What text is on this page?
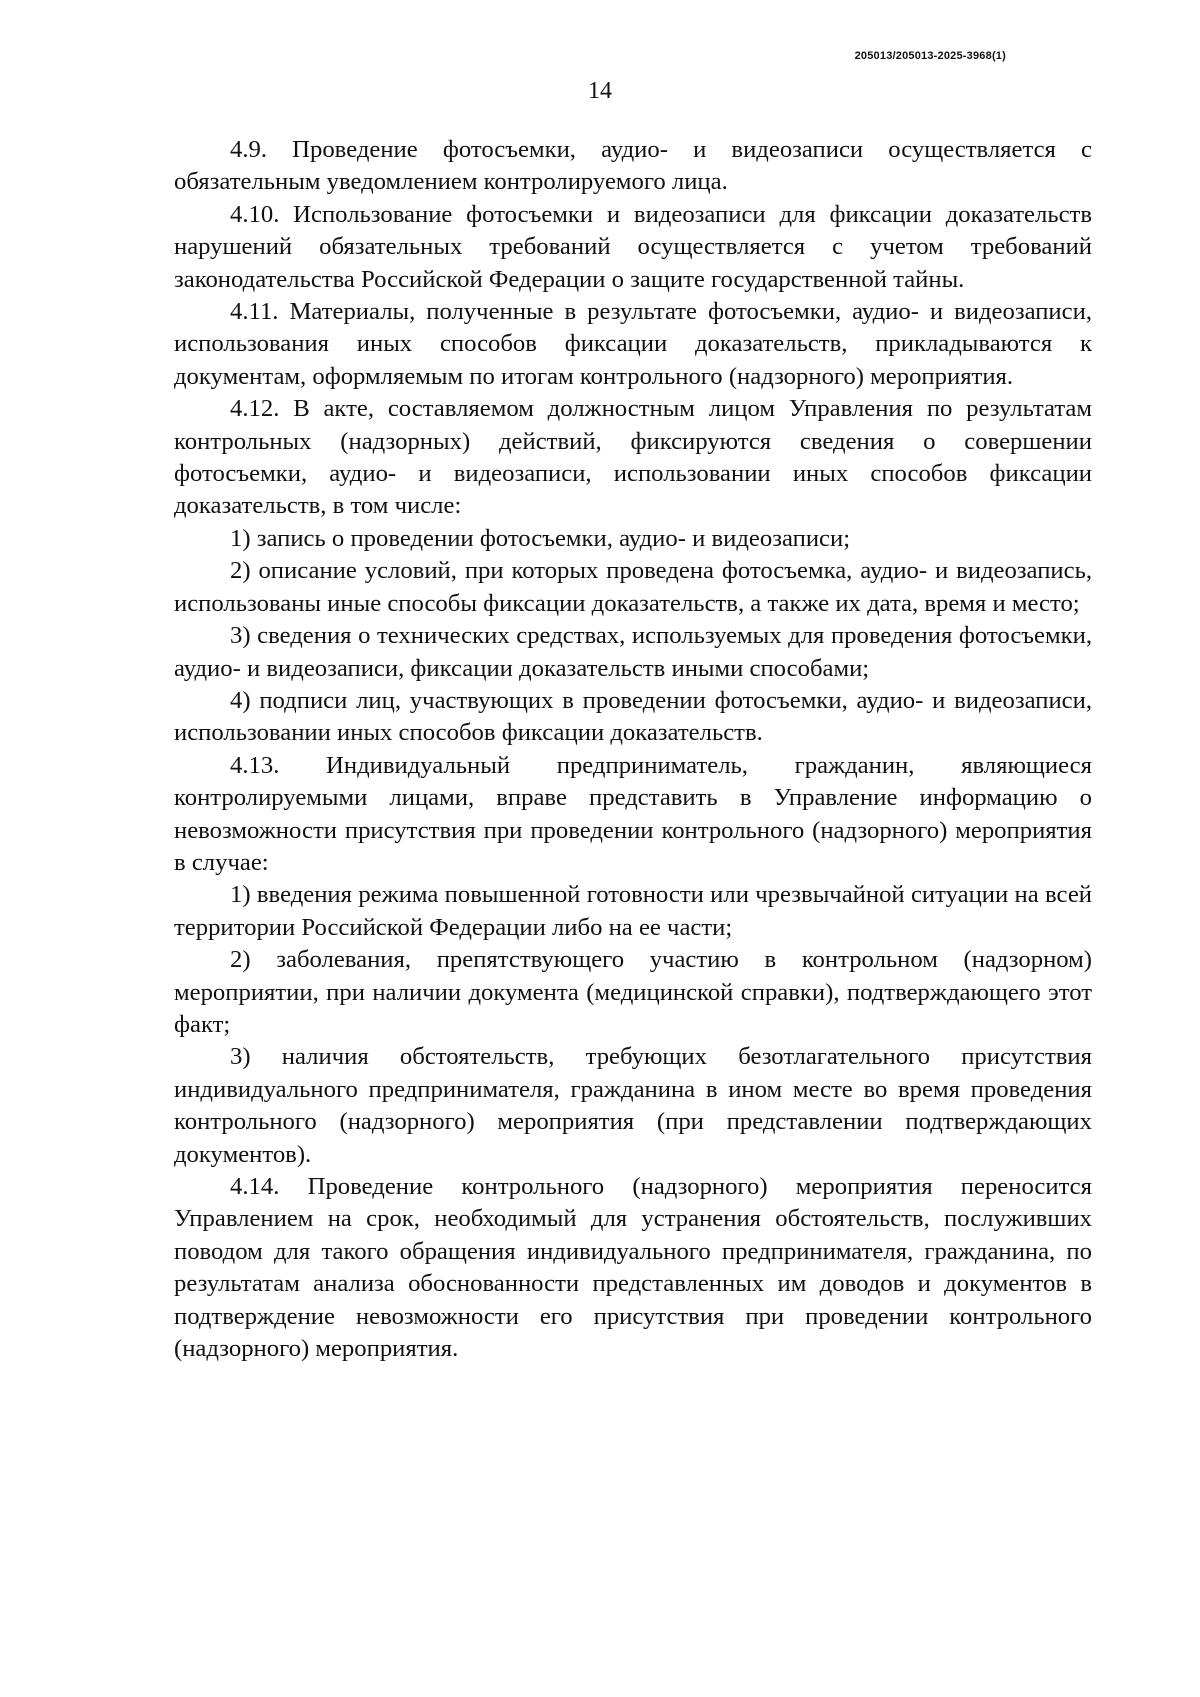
205013/205013-2025-3968(1)
14

4.9. Проведение фотосъемки, аудио- и видеозаписи осуществляется с обязательным уведомлением контролируемого лица.

4.10. Использование фотосъемки и видеозаписи для фиксации доказательств нарушений обязательных требований осуществляется с учетом требований законодательства Российской Федерации о защите государственной тайны.

4.11. Материалы, полученные в результате фотосъемки, аудио- и видеозаписи, использования иных способов фиксации доказательств, прикладываются к документам, оформляемым по итогам контрольного (надзорного) мероприятия.

4.12. В акте, составляемом должностным лицом Управления по результатам контрольных (надзорных) действий, фиксируются сведения о совершении фотосъемки, аудио- и видеозаписи, использовании иных способов фиксации доказательств, в том числе:

1) запись о проведении фотосъемки, аудио- и видеозаписи;

2) описание условий, при которых проведена фотосъемка, аудио- и видеозапись, использованы иные способы фиксации доказательств, а также их дата, время и место;

3) сведения о технических средствах, используемых для проведения фотосъемки, аудио- и видеозаписи, фиксации доказательств иными способами;

4) подписи лиц, участвующих в проведении фотосъемки, аудио- и видеозаписи, использовании иных способов фиксации доказательств.

4.13. Индивидуальный предприниматель, гражданин, являющиеся контролируемыми лицами, вправе представить в Управление информацию о невозможности присутствия при проведении контрольного (надзорного) мероприятия в случае:

1) введения режима повышенной готовности или чрезвычайной ситуации на всей территории Российской Федерации либо на ее части;

2) заболевания, препятствующего участию в контрольном (надзорном) мероприятии, при наличии документа (медицинской справки), подтверждающего этот факт;

3) наличия обстоятельств, требующих безотлагательного присутствия индивидуального предпринимателя, гражданина в ином месте во время проведения контрольного (надзорного) мероприятия (при представлении подтверждающих документов).

4.14. Проведение контрольного (надзорного) мероприятия переносится Управлением на срок, необходимый для устранения обстоятельств, послуживших поводом для такого обращения индивидуального предпринимателя, гражданина, по результатам анализа обоснованности представленных им доводов и документов в подтверждение невозможности его присутствия при проведении контрольного (надзорного) мероприятия.
